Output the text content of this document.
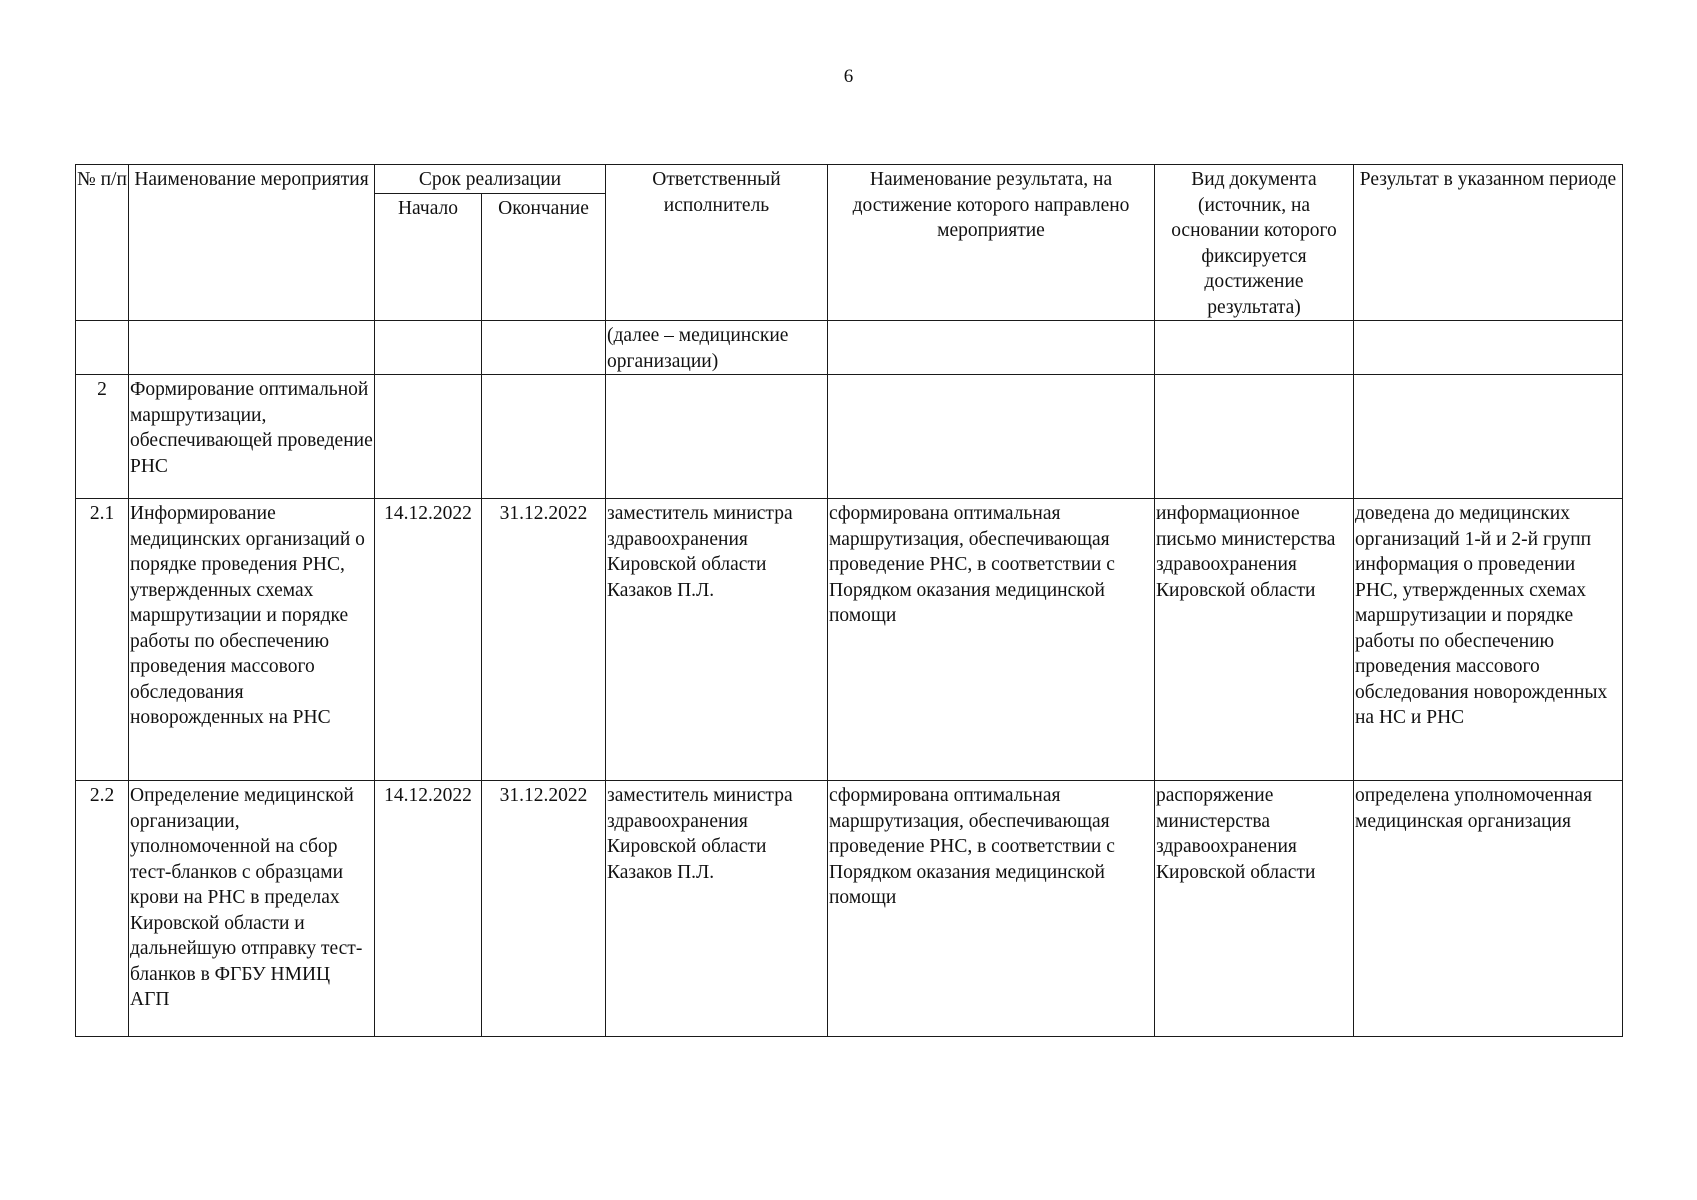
6
№ п/п	Наименование мероприятия	Срок реализации		Ответственный исполнитель	Наименование результата, на достижение которого направлено мероприятие	Вид документа (источник, на основании которого фиксируется достижение результата)	Результат в указанном периоде
		Начало	Окончание				
				(далее – медицинские организации)			
2	Формирование оптимальной маршрутизации, обеспечивающей проведение РНС						
2.1	Информирование медицинских организаций о порядке проведения РНС, утвержденных схемах маршрутизации и порядке работы по обеспечению проведения массового обследования новорожденных на РНС	14.12.2022	31.12.2022	заместитель министра здравоохранения Кировской области Казаков П.Л.	сформирована оптимальная маршрутизация, обеспечивающая проведение РНС, в соответствии с Порядком оказания медицинской помощи	информационное письмо министерства здравоохранения Кировской области	доведена до медицинских организаций 1-й и 2-й групп информация о проведении РНС, утвержденных схемах маршрутизации и порядке работы по обеспечению проведения массового обследования новорожденных на НС и РНС
2.2	Определение медицинской организации, уполномоченной на сбор тест-бланков с образцами крови на РНС в пределах Кировской области и дальнейшую отправку тест-бланков в ФГБУ НМИЦ АГП	14.12.2022	31.12.2022	заместитель министра здравоохранения Кировской области Казаков П.Л.	сформирована оптимальная маршрутизация, обеспечивающая проведение РНС, в соответствии с Порядком оказания медицинской помощи	распоряжение министерства здравоохранения Кировской области	определена уполномоченная медицинская организация
